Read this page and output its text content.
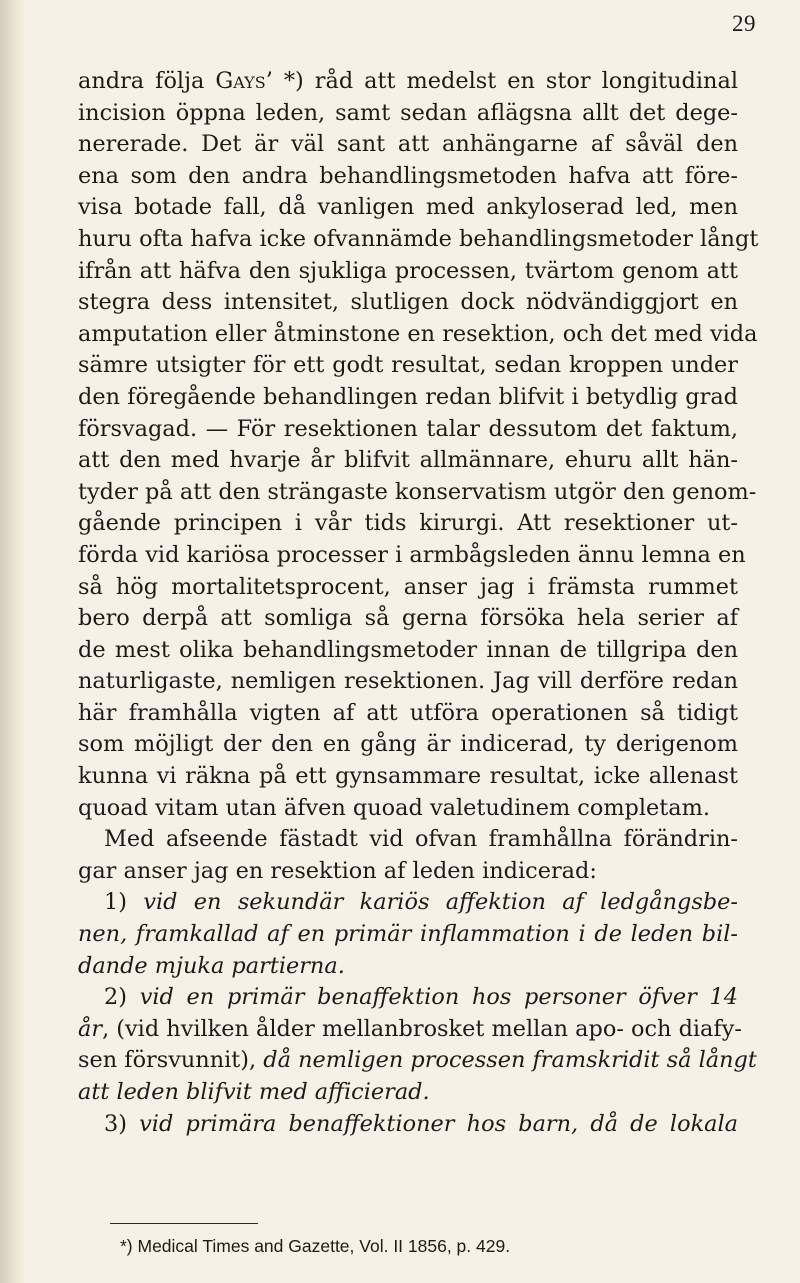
29
andra följa Gays’ *) råd att medelst en stor longitudinal
incision öppna leden, samt sedan aflägsna allt det dege-
nererade. Det är väl sant att anhängarne af såväl den
ena som den andra behandlingsmetoden hafva att före-
visa botade fall, då vanligen med ankyloserad led, men
huru ofta hafva icke ofvannämde behandlingsmetoder långt
ifrån att häfva den sjukliga processen, tvärtom genom att
stegra dess intensitet, slutligen dock nödvändiggjort en
amputation eller åtminstone en resektion, och det med vida
sämre utsigter för ett godt resultat, sedan kroppen under
den föregående behandlingen redan blifvit i betydlig grad
försvagad. — För resektionen talar dessutom det faktum,
att den med hvarje år blifvit allmännare, ehuru allt hän-
tyder på att den strängaste konservatism utgör den genom-
gående principen i vår tids kirurgi. Att resektioner ut-
förda vid kariösa processer i armbågsleden ännu lemna en
så hög mortalitetsprocent, anser jag i främsta rummet
bero derpå att somliga så gerna försöka hela serier af
de mest olika behandlingsmetoder innan de tillgripa den
naturligaste, nemligen resektionen. Jag vill derföre redan
här framhålla vigten af att utföra operationen så tidigt
som möjligt der den en gång är indicerad, ty derigenom
kunna vi räkna på ett gynsammare resultat, icke allenast
quoad vitam utan äfven quoad valetudinem completam.
Med afseende fästadt vid ofvan framhållna förändrin-
gar anser jag en resektion af leden indicerad:
1) vid en sekundär kariös affektion af ledgångsbe-
nen, framkallad af en primär inflammation i de leden bil-
dande mjuka partierna.
2) vid en primär benaffektion hos personer öfver 14
år, (vid hvilken ålder mellanbrosket mellan apo- och diafy-
sen försvunnit), då nemligen processen framskridit så långt
att leden blifvit med afficierad.
3) vid primära benaffektioner hos barn, då de lokala
*) Medical Times and Gazette, Vol. II 1856, p. 429.
